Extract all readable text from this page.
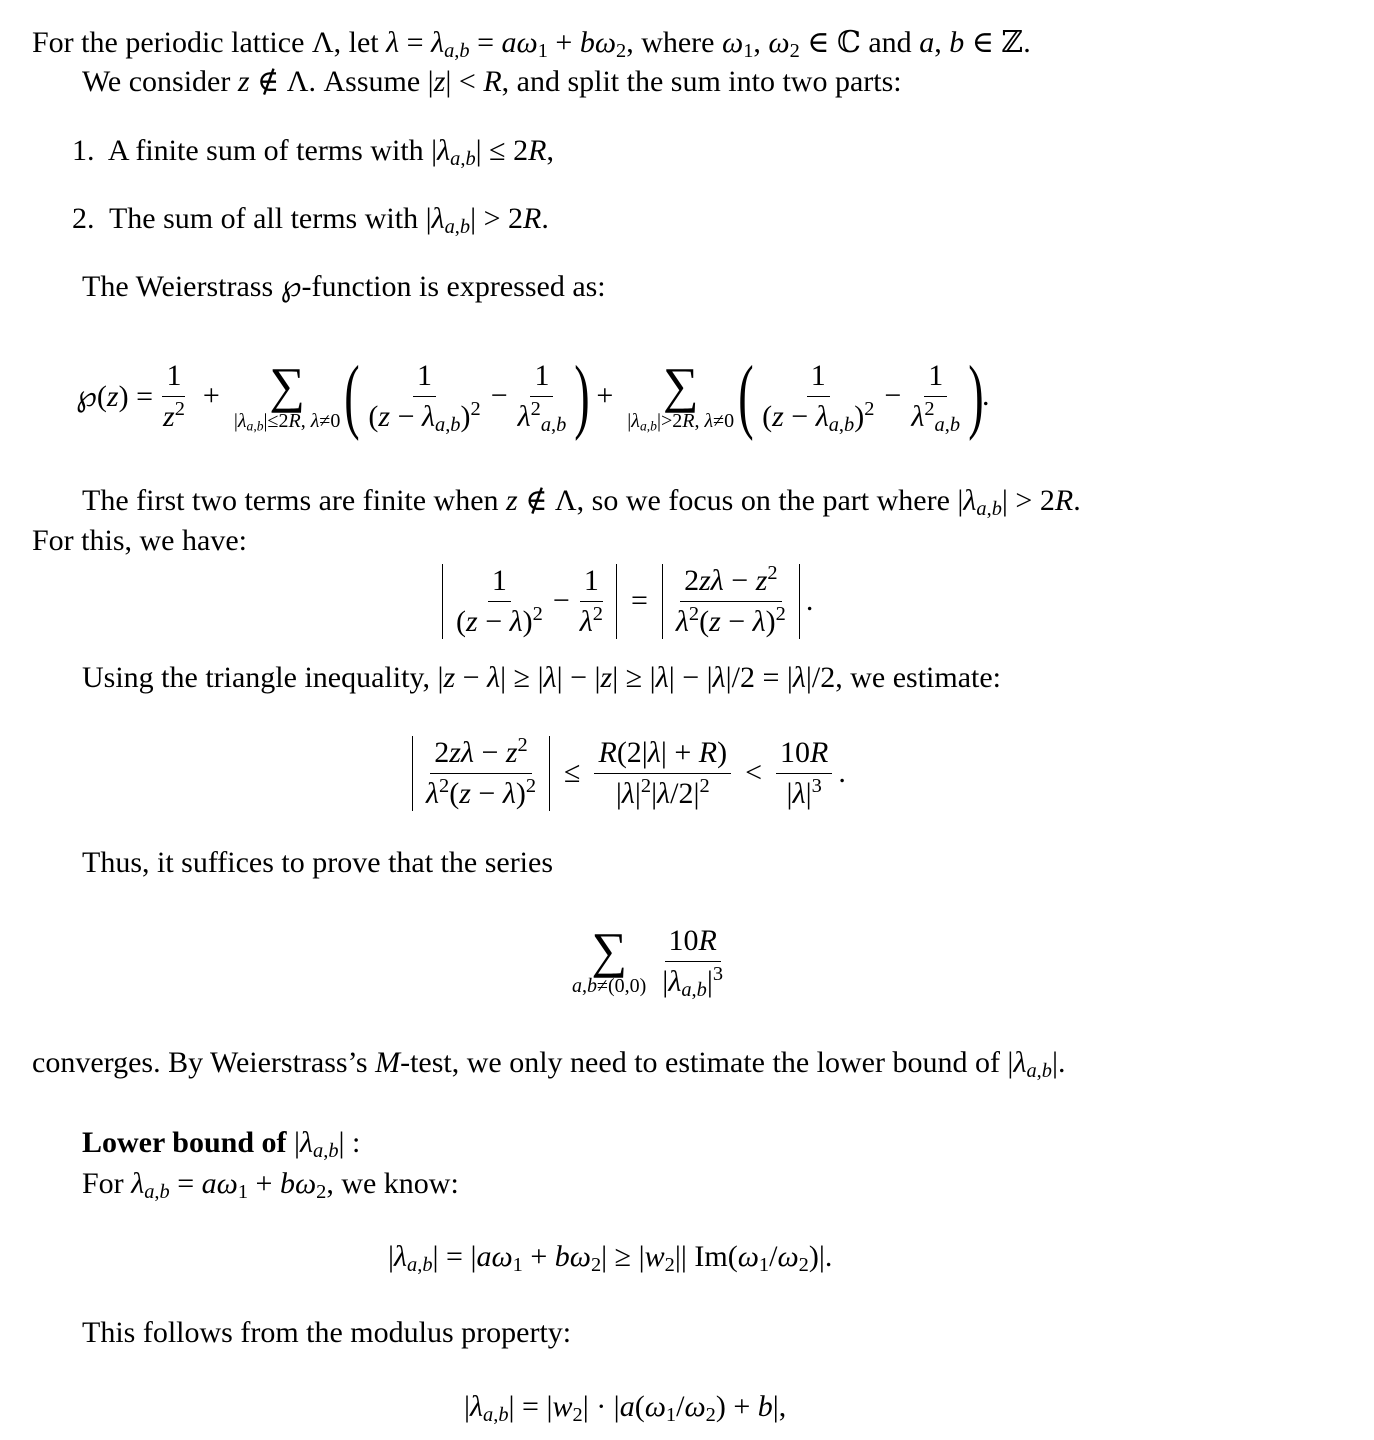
For the periodic lattice Λ, let $\lambda = \lambda_{a,b} = a\omega_1 + b\omega_2$, where $\omega_1$, $\omega_2$ ∈ ℂ and a, b ∈ ℤ.
We consider z ∉ Λ. Assume |z| < R, and split the sum into two parts:
1.  A finite sum of terms with $|\lambda_{a,b}| \le 2R$,
2.  The sum of all terms with $|\lambda_{a,b}| > 2R$.
The Weierstrass ℘-function is expressed as:
℘(z) = $\frac{1}{z^2}$ + ∑
$|\lambda_{a,b}|\le 2R$, λ≠0 ( $\frac{1}{(z - \lambda_{a,b})^2} - \frac{1}{\lambda^2_{a,b}}$ ) + ∑
$|\lambda_{a,b}|>2R$, λ≠0 ( $\frac{1}{(z - \lambda_{a,b})^2} - \frac{1}{\lambda^2_{a,b}}$ )
.
The first two terms are finite when z ∉ Λ, so we focus on the part where $|\lambda_{a,b}| > 2R$.
For this, we have:
$\frac{1}{(z - \lambda)^2} - \frac{1}{\lambda^2} = \frac{2z\lambda - z^2}{\lambda^2(z - \lambda)^2}$ .
Using the triangle inequality, |z − λ| ≥ |λ| − |z| ≥ |λ| − |λ|/2 = |λ|/2, we estimate:
$\frac{2z\lambda - z^2}{\lambda^2(z - \lambda)^2} \le \frac{R(2|\lambda| + R)}{|\lambda|^2|\lambda/2|^2} < \frac{10R}{|\lambda|^3}$ .
Thus, it suffices to prove that the series
∑
$a,b\ne(0,0) \frac{10R}{|\lambda_{a,b}|^3}$
converges. By Weierstrass’s M-test, we only need to estimate the lower bound of $|\lambda_{a,b}|$.
Lower bound of $|\lambda_{a,b}|$ :
For $\lambda_{a,b} = a\omega_1 + b\omega_2$, we know:
$|\lambda_{a,b}| = |a\omega_1 + b\omega_2| \ge |w_2||$ $Im(\omega_1/\omega_2)|$.
This follows from the modulus property:
$|\lambda_{a,b}| = |w_2| \cdot |a(\omega_1/\omega_2) + b|$,
